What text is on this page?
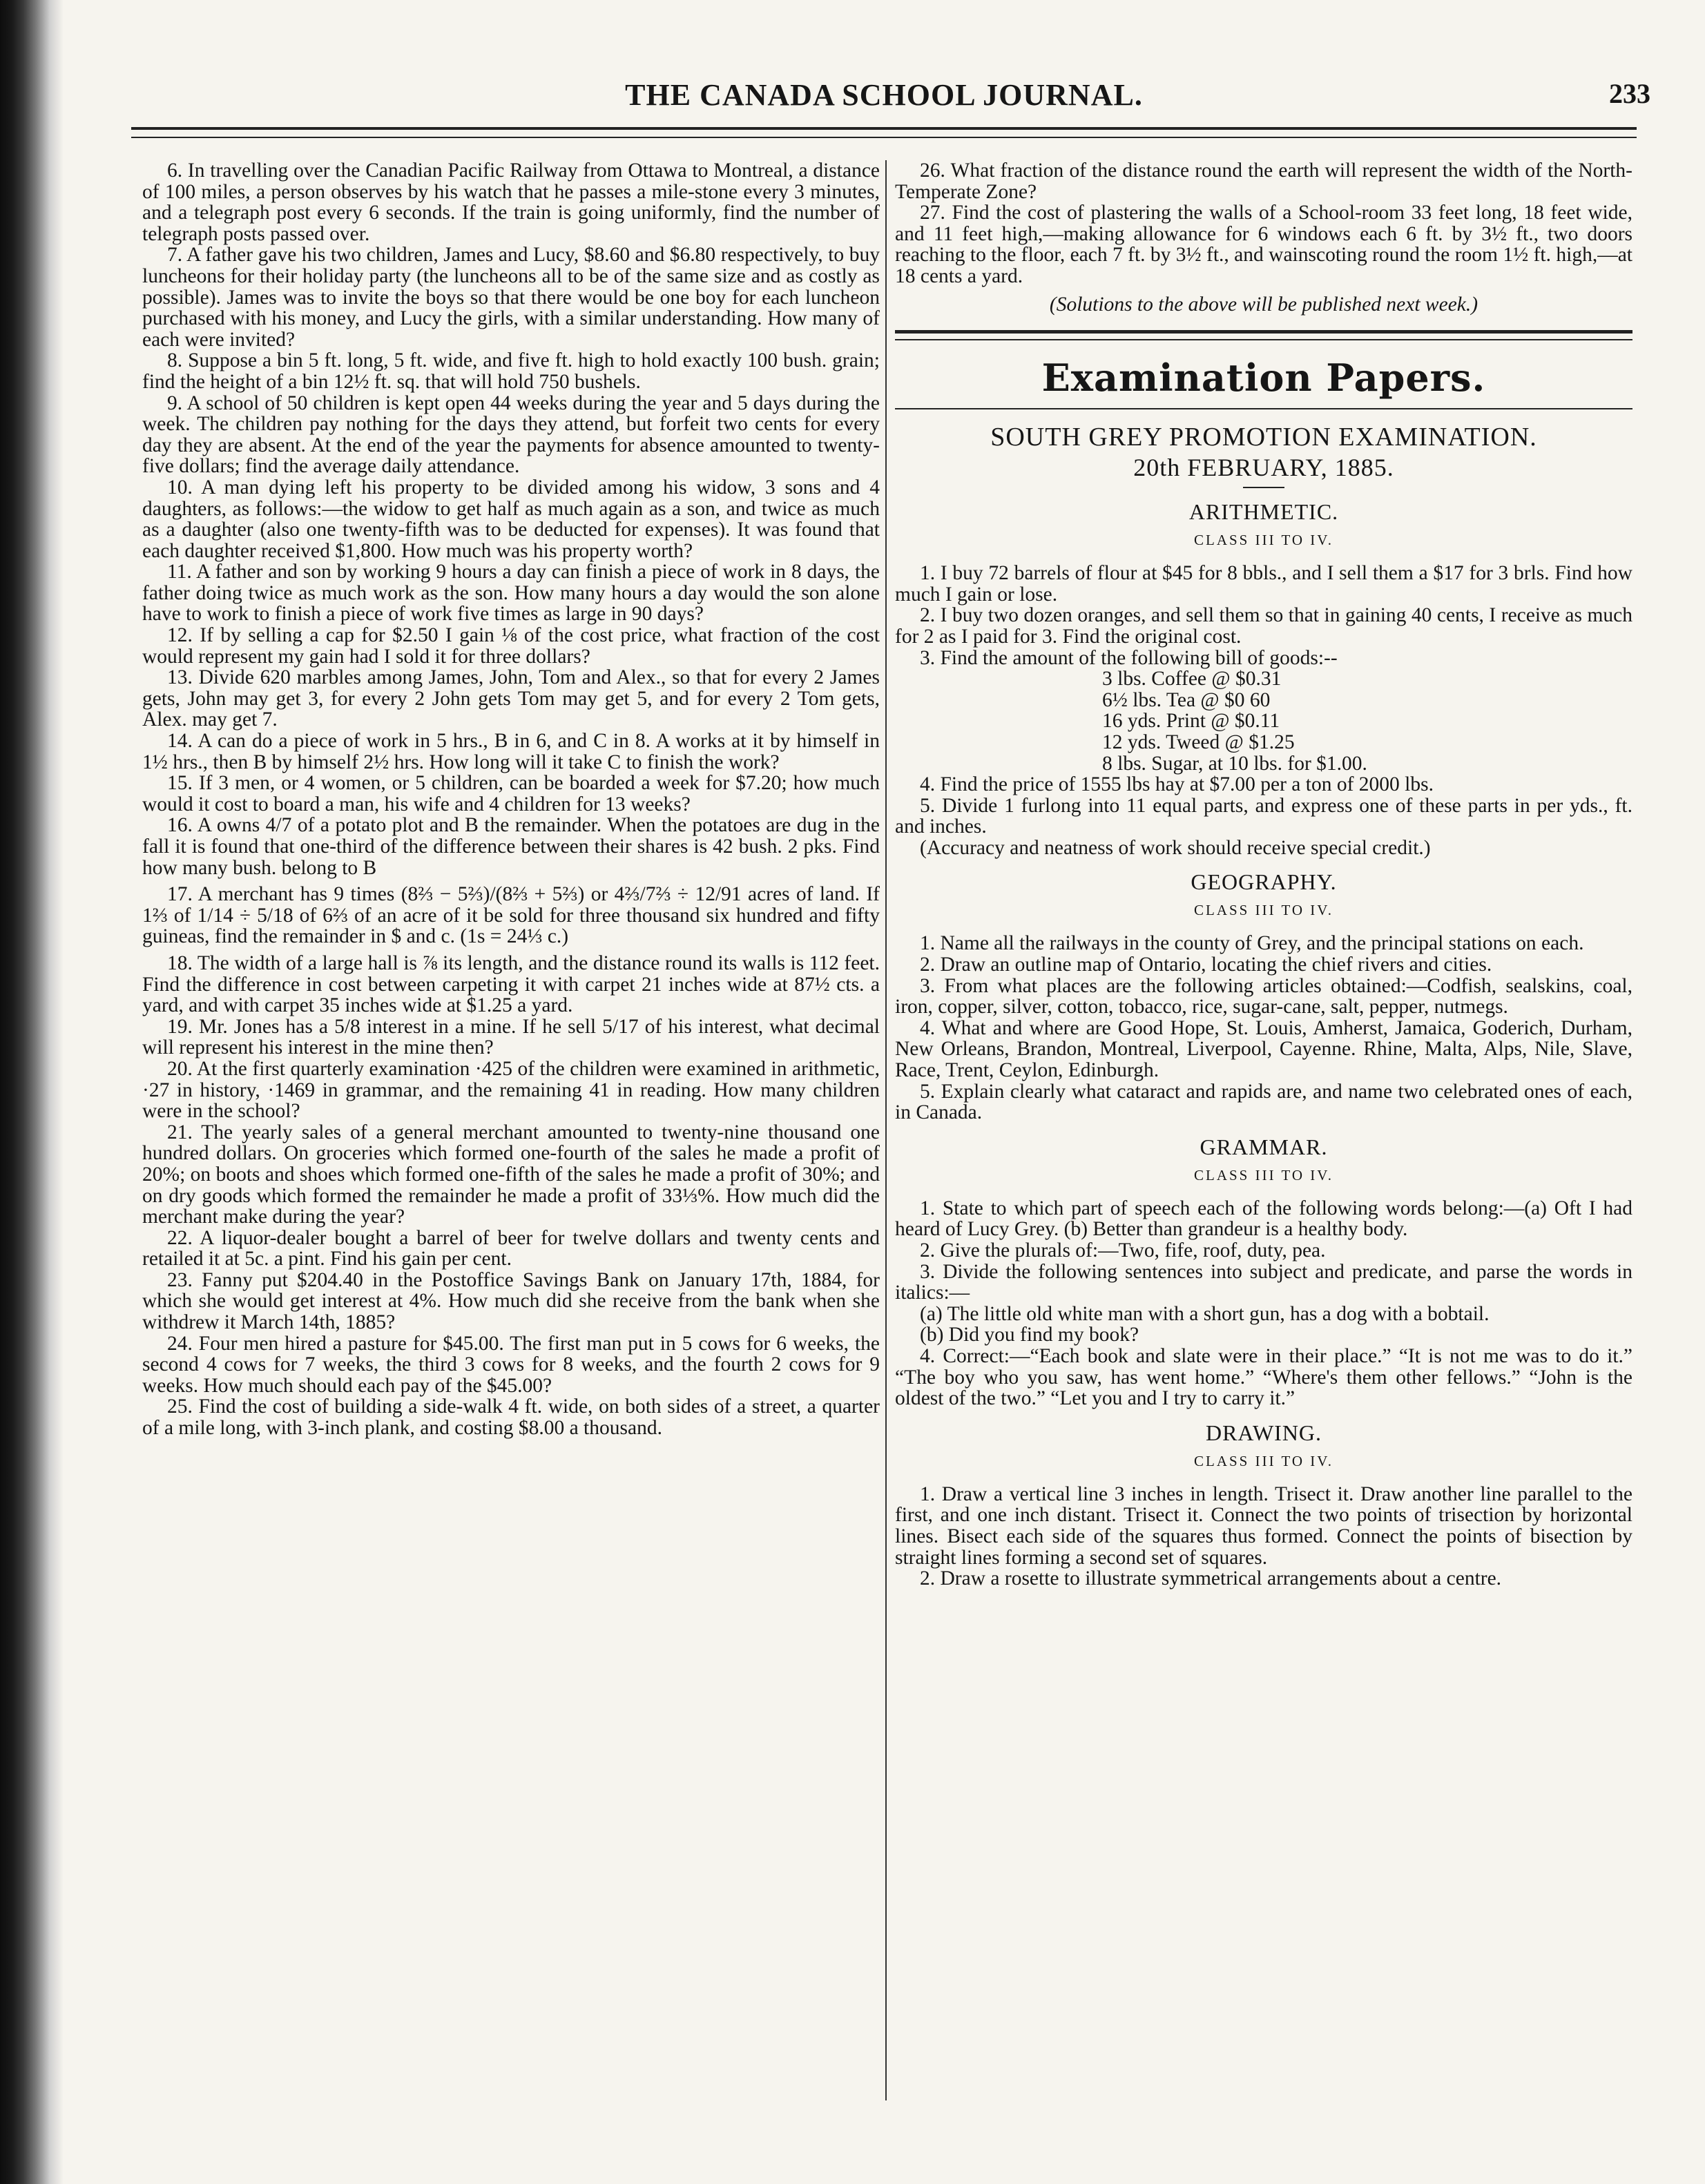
THE CANADA SCHOOL JOURNAL.	233

6. In travelling over the Canadian Pacific Railway from Ottawa to Montreal, a distance of 100 miles, a person observes by his watch that he passes a mile-stone every 3 minutes, and a telegraph post every 6 seconds. If the train is going uniformly, find the number of telegraph posts passed over.

7. A father gave his two children, James and Lucy, $8.60 and $6.80 respectively, to buy luncheons for their holiday party (the luncheons all to be of the same size and as costly as possible). James was to invite the boys so that there would be one boy for each luncheon purchased with his money, and Lucy the girls, with a similar understanding. How many of each were invited?

8. Suppose a bin 5 ft. long, 5 ft. wide, and five ft. high to hold exactly 100 bush. grain; find the height of a bin 12½ ft. sq. that will hold 750 bushels.

9. A school of 50 children is kept open 44 weeks during the year and 5 days during the week. The children pay nothing for the days they attend, but forfeit two cents for every day they are absent. At the end of the year the payments for absence amounted to twenty-five dollars; find the average daily attendance.

10. A man dying left his property to be divided among his widow, 3 sons and 4 daughters, as follows:—the widow to get half as much again as a son, and twice as much as a daughter (also one twenty-fifth was to be deducted for expenses). It was found that each daughter received $1,800. How much was his property worth?

11. A father and son by working 9 hours a day can finish a piece of work in 8 days, the father doing twice as much work as the son. How many hours a day would the son alone have to work to finish a piece of work five times as large in 90 days?

12. If by selling a cap for $2.50 I gain ⅛ of the cost price, what fraction of the cost would represent my gain had I sold it for three dollars?

13. Divide 620 marbles among James, John, Tom and Alex., so that for every 2 James gets, John may get 3, for every 2 John gets Tom may get 5, and for every 2 Tom gets, Alex. may get 7.

14. A can do a piece of work in 5 hrs., B in 6, and C in 8. A works at it by himself in 1½ hrs., then B by himself 2½ hrs. How long will it take C to finish the work?

15. If 3 men, or 4 women, or 5 children, can be boarded a week for $7.20; how much would it cost to board a man, his wife and 4 children for 13 weeks?

16. A owns 4/7 of a potato plot and B the remainder. When the potatoes are dug in the fall it is found that one-third of the difference between their shares is 42 bush. 2 pks. Find how many bush. belong to B

17. A merchant has 9 times (8⅔ − 5⅔)/(8⅔ + 5⅔) or 4⅔/7⅔ ÷ 12/91 acres of land. If 1⅔ of 1/14 ÷ 5/18 of 6⅔ of an acre of it be sold for three thousand six hundred and fifty guineas, find the remainder in $ and c. (1s = 24⅓ c.)

18. The width of a large hall is ⅞ its length, and the distance round its walls is 112 feet. Find the difference in cost between carpeting it with carpet 21 inches wide at 87½ cts. a yard, and with carpet 35 inches wide at $1.25 a yard.

19. Mr. Jones has a 5/8 interest in a mine. If he sell 5/17 of his interest, what decimal will represent his interest in the mine then?

20. At the first quarterly examination ·425 of the children were examined in arithmetic, ·27 in history, ·1469 in grammar, and the remaining 41 in reading. How many children were in the school?

21. The yearly sales of a general merchant amounted to twenty-nine thousand one hundred dollars. On groceries which formed one-fourth of the sales he made a profit of 20%; on boots and shoes which formed one-fifth of the sales he made a profit of 30%; and on dry goods which formed the remainder he made a profit of 33⅓%. How much did the merchant make during the year?

22. A liquor-dealer bought a barrel of beer for twelve dollars and twenty cents and retailed it at 5c. a pint. Find his gain per cent.

23. Fanny put $204.40 in the Postoffice Savings Bank on January 17th, 1884, for which she would get interest at 4%. How much did she receive from the bank when she withdrew it March 14th, 1885?

24. Four men hired a pasture for $45.00. The first man put in 5 cows for 6 weeks, the second 4 cows for 7 weeks, the third 3 cows for 8 weeks, and the fourth 2 cows for 9 weeks. How much should each pay of the $45.00?

25. Find the cost of building a side-walk 4 ft. wide, on both sides of a street, a quarter of a mile long, with 3-inch plank, and costing $8.00 a thousand.

26. What fraction of the distance round the earth will represent the width of the North-Temperate Zone?

27. Find the cost of plastering the walls of a School-room 33 feet long, 18 feet wide, and 11 feet high,—making allowance for 6 windows each 6 ft. by 3½ ft., two doors reaching to the floor, each 7 ft. by 3½ ft., and wainscoting round the room 1½ ft. high,—at 18 cents a yard.

(Solutions to the above will be published next week.)

Examination Papers.
SOUTH GREY PROMOTION EXAMINATION.
20th FEBRUARY, 1885.
ARITHMETIC.
CLASS III TO IV.

1. I buy 72 barrels of flour at $45 for 8 bbls., and I sell them a $17 for 3 brls. Find how much I gain or lose.

2. I buy two dozen oranges, and sell them so that in gaining 40 cents, I receive as much for 2 as I paid for 3. Find the original cost.

3. Find the amount of the following bill of goods:--

3 lbs. Coffee @ $0.31
6½ lbs. Tea @ $0 60
16 yds. Print @ $0.11
12 yds. Tweed @ $1.25
8 lbs. Sugar, at 10 lbs. for $1.00.

4. Find the price of 1555 lbs hay at $7.00 per a ton of 2000 lbs.

5. Divide 1 furlong into 11 equal parts, and express one of these parts in per yds., ft. and inches.

(Accuracy and neatness of work should receive special credit.)

GEOGRAPHY.
CLASS III TO IV.

1. Name all the railways in the county of Grey, and the principal stations on each.

2. Draw an outline map of Ontario, locating the chief rivers and cities.

3. From what places are the following articles obtained:—Codfish, sealskins, coal, iron, copper, silver, cotton, tobacco, rice, sugar-cane, salt, pepper, nutmegs.

4. What and where are Good Hope, St. Louis, Amherst, Jamaica, Goderich, Durham, New Orleans, Brandon, Montreal, Liverpool, Cayenne. Rhine, Malta, Alps, Nile, Slave, Race, Trent, Ceylon, Edinburgh.

5. Explain clearly what cataract and rapids are, and name two celebrated ones of each, in Canada.

GRAMMAR.
CLASS III TO IV.

1. State to which part of speech each of the following words belong:—(a) Oft I had heard of Lucy Grey. (b) Better than grandeur is a healthy body.

2. Give the plurals of:—Two, fife, roof, duty, pea.

3. Divide the following sentences into subject and predicate, and parse the words in italics:—

(a) The little old white man with a short gun, has a dog with a bobtail.

(b) Did you find my book?

4. Correct:—“Each book and slate were in their place.” “It is not me was to do it.” “The boy who you saw, has went home.” “Where's them other fellows.” “John is the oldest of the two.” “Let you and I try to carry it.”

DRAWING.
CLASS III TO IV.

1. Draw a vertical line 3 inches in length. Trisect it. Draw another line parallel to the first, and one inch distant. Trisect it. Connect the two points of trisection by horizontal lines. Bisect each side of the squares thus formed. Connect the points of bisection by straight lines forming a second set of squares.

2. Draw a rosette to illustrate symmetrical arrangements about a centre.
